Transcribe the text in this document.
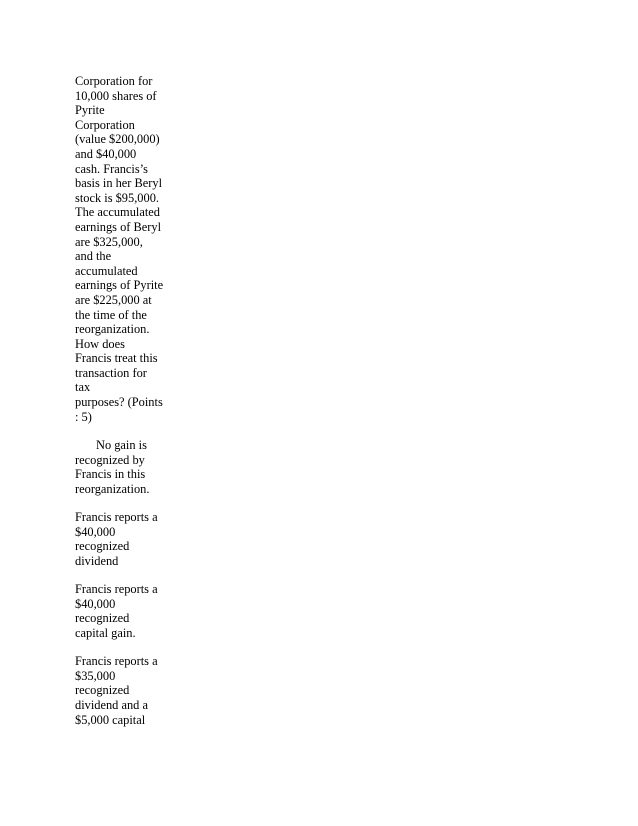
Corporation for
10,000 shares of
Pyrite
Corporation
(value $200,000)
and $40,000
cash. Francis’s
basis in her Beryl
stock is $95,000.
The accumulated
earnings of Beryl
are $325,000,
and the
accumulated
earnings of Pyrite
are $225,000 at
the time of the
reorganization.
How does
Francis treat this
transaction for
tax
purposes? (Points
: 5)
No gain is
recognized by
Francis in this
reorganization.
Francis reports a
$40,000
recognized
dividend
Francis reports a
$40,000
recognized
capital gain.
Francis reports a
$35,000
recognized
dividend and a
$5,000 capital
